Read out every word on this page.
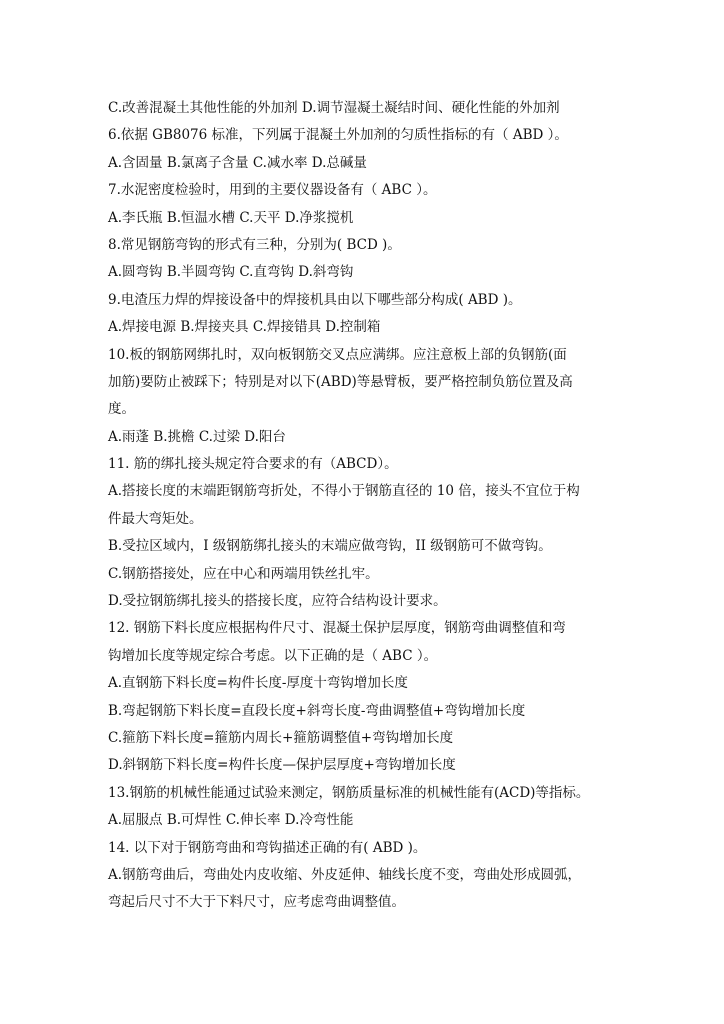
C.改善混凝土其他性能的外加剂 D.调节湿凝土凝结时间、硬化性能的外加剂
6.依据 GB8076 标准，下列属于混凝土外加剂的匀质性指标的有（ ABD ）。
A.含固量 B.氯离子含量 C.减水率 D.总碱量
7.水泥密度检验时，用到的主要仪器设备有（ ABC ）。
A.李氏瓶 B.恒温水槽 C.天平 D.净浆搅机
8.常见钢筋弯钩的形式有三种，分别为( BCD )。
A.圆弯钩 B.半圆弯钩 C.直弯钩 D.斜弯钩
9.电渣压力焊的焊接设备中的焊接机具由以下哪些部分构成( ABD )。
A.焊接电源 B.焊接夹具 C.焊接错具 D.控制箱
10.板的钢筋网绑扎时，双向板钢筋交叉点应满绑。应注意板上部的负钢筋(面
加筋)要防止被踩下；特别是对以下(ABD)等悬臂板，要严格控制负筋位置及高
度。
A.雨蓬 B.挑檐 C.过梁 D.阳台
11. 筋的绑扎接头规定符合要求的有（ABCD）。
A.搭接长度的末端距钢筋弯折处，不得小于钢筋直径的 10 倍，接头不宜位于构
件最大弯矩处。
B.受拉区域内，I 级钢筋绑扎接头的末端应做弯钩，II 级钢筋可不做弯钩。
C.钢筋搭接处，应在中心和两端用铁丝扎牢。
D.受拉钢筋绑扎接头的搭接长度，应符合结构设计要求。
12. 钢筋下料长度应根据构件尺寸、混凝土保护层厚度，钢筋弯曲调整值和弯
钩增加长度等规定综合考虑。以下正确的是（ ABC ）。
A.直钢筋下料长度=构件长度-厚度十弯钩增加长度
B.弯起钢筋下料长度=直段长度+斜弯长度-弯曲调整值+弯钩增加长度
C.箍筋下料长度=箍筋内周长+箍筋调整值+弯钩增加长度
D.斜钢筋下料长度=构件长度—保护层厚度+弯钩增加长度
13.钢筋的机械性能通过试验来测定，钢筋质量标准的机械性能有(ACD)等指标。
A.屈服点 B.可焊性 C.伸长率 D.冷弯性能
14. 以下对于钢筋弯曲和弯钩描述正确的有( ABD )。
A.钢筋弯曲后，弯曲处内皮收缩、外皮延伸、轴线长度不变，弯曲处形成圆弧，
弯起后尺寸不大于下料尺寸，应考虑弯曲调整值。
